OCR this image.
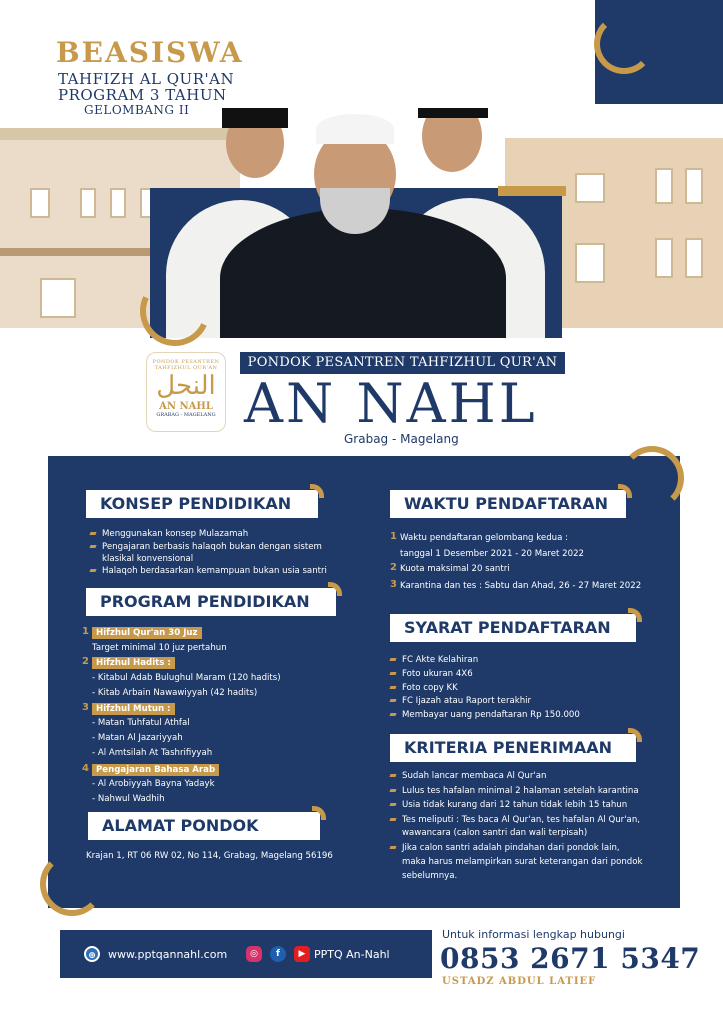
BEASISWA
TAHFIZH AL QUR'AN
PROGRAM 3 TAHUN
GELOMBANG II
PONDOK PESANTREN TAHFIZHUL QUR'AN
النحل
AN NAHL
GRABAG - MAGELANG
PONDOK PESANTREN TAHFIZHUL QUR'AN
AN NAHL
Grabag - Magelang
KONSEP PENDIDIKAN
Menggunakan konsep Mulazamah
Pengajaran berbasis halaqoh bukan dengan sistem
klasikal konvensional
Halaqoh berdasarkan kemampuan bukan usia santri
PROGRAM PENDIDIKAN
1 Hifzhul Qur'an 30 Juz
Target minimal 10 juz pertahun
2 Hifzhul Hadits :
- Kitabul Adab Bulughul Maram (120 hadits)
- Kitab Arbain Nawawiyyah (42 hadits)
3 Hifzhul Mutun :
- Matan Tuhfatul Athfal
- Matan Al Jazariyyah
- Al Amtsilah At Tashrifiyyah
4 Pengajaran Bahasa Arab
- Al Arobiyyah Bayna Yadayk
- Nahwul Wadhih
ALAMAT PONDOK
Krajan 1, RT 06 RW 02, No 114, Grabag, Magelang 56196
WAKTU PENDAFTARAN
1 Waktu pendaftaran gelombang kedua :
tanggal 1 Desember 2021 - 20 Maret 2022
2 Kuota maksimal 20 santri
3 Karantina dan tes : Sabtu dan Ahad, 26 - 27 Maret 2022
SYARAT PENDAFTARAN
FC Akte Kelahiran
Foto ukuran 4X6
Foto copy KK
FC Ijazah atau Raport terakhir
Membayar uang pendaftaran Rp 150.000
KRITERIA PENERIMAAN
Sudah lancar membaca Al Qur'an
Lulus tes hafalan minimal 2 halaman setelah karantina
Usia tidak kurang dari 12 tahun tidak lebih 15 tahun
Tes meliputi : Tes baca Al Qur'an, tes hafalan Al Qur'an,
wawancara (calon santri dan wali terpisah)
Jika calon santri adalah pindahan dari pondok lain,
maka harus melampirkan surat keterangan dari pondok
sebelumnya.
⊕	www.pptqannahl.com	◎	f	▶ PPTQ An-Nahl
Untuk informasi lengkap hubungi
0853 2671 5347
USTADZ ABDUL LATIEF
